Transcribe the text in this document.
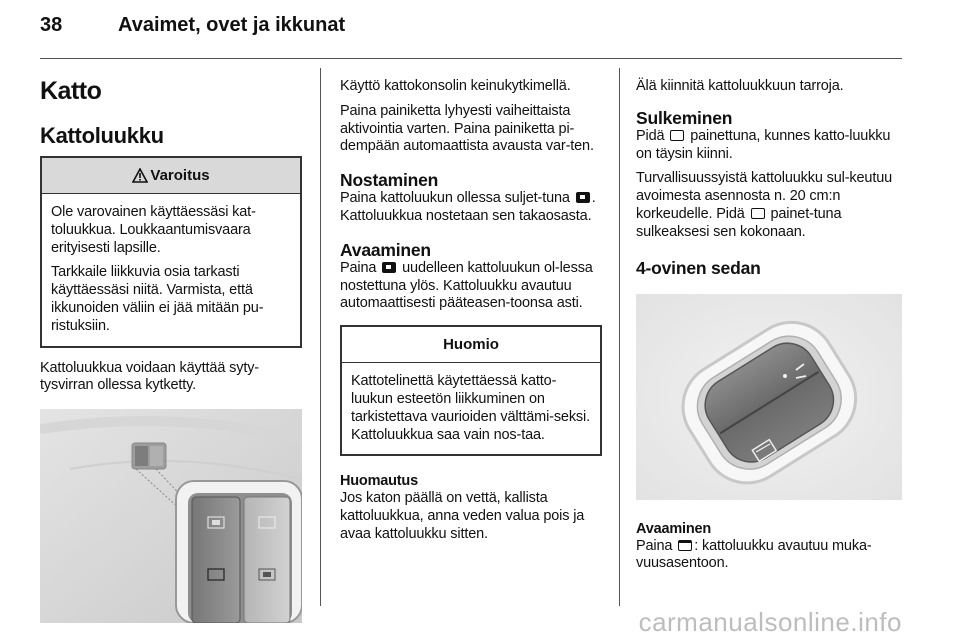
38	Avaimet, ovet ja ikkunat
Katto
Kattoluukku
Varoitus

Ole varovainen käyttäessäsi kat-toluukkua. Loukkaantumisvaara erityisesti lapsille.

Tarkkaile liikkuvia osia tarkasti käyttäessäsi niitä. Varmista, että ikkunoiden väliin ei jää mitään pu-ristuksiin.

Kattoluukkua voidaan käyttää syty-tysvirran ollessa kytketty.

Käyttö kattokonsolin keinukytkimellä.

Paina painiketta lyhyesti vaiheittaista aktivointia varten. Paina painiketta pi-dempään automaattista avausta var-ten.

Nostaminen

Paina kattoluukun ollessa suljet-tuna . Kattoluukkua nostetaan sen takaosasta.

Avaaminen

Paina uudelleen kattoluukun ol-lessa nostettuna ylös. Kattoluukku avautuu automaattisesti pääteasen-toonsa asti.

Huomio

Kattotelinettä käytettäessä katto-luukun esteetön liikkuminen on tarkistettava vaurioiden välttämi-seksi. Kattoluukkua saa vain nos-taa.

Huomautus

Jos katon päällä on vettä, kallista kattoluukkua, anna veden valua pois ja avaa kattoluukku sitten.

Älä kiinnitä kattoluukkuun tarroja.

Sulkeminen

Pidä painettuna, kunnes katto-luukku on täysin kiinni.

Turvallisuussyistä kattoluukku sul-keutuu avoimesta asennosta n. 20 cm:n korkeudelle. Pidä painet-tuna sulkeaksesi sen kokonaan.

4-ovinen sedan
Avaaminen

Paina : kattoluukku avautuu muka-vuusasentoon.

carmanualsonline.info
